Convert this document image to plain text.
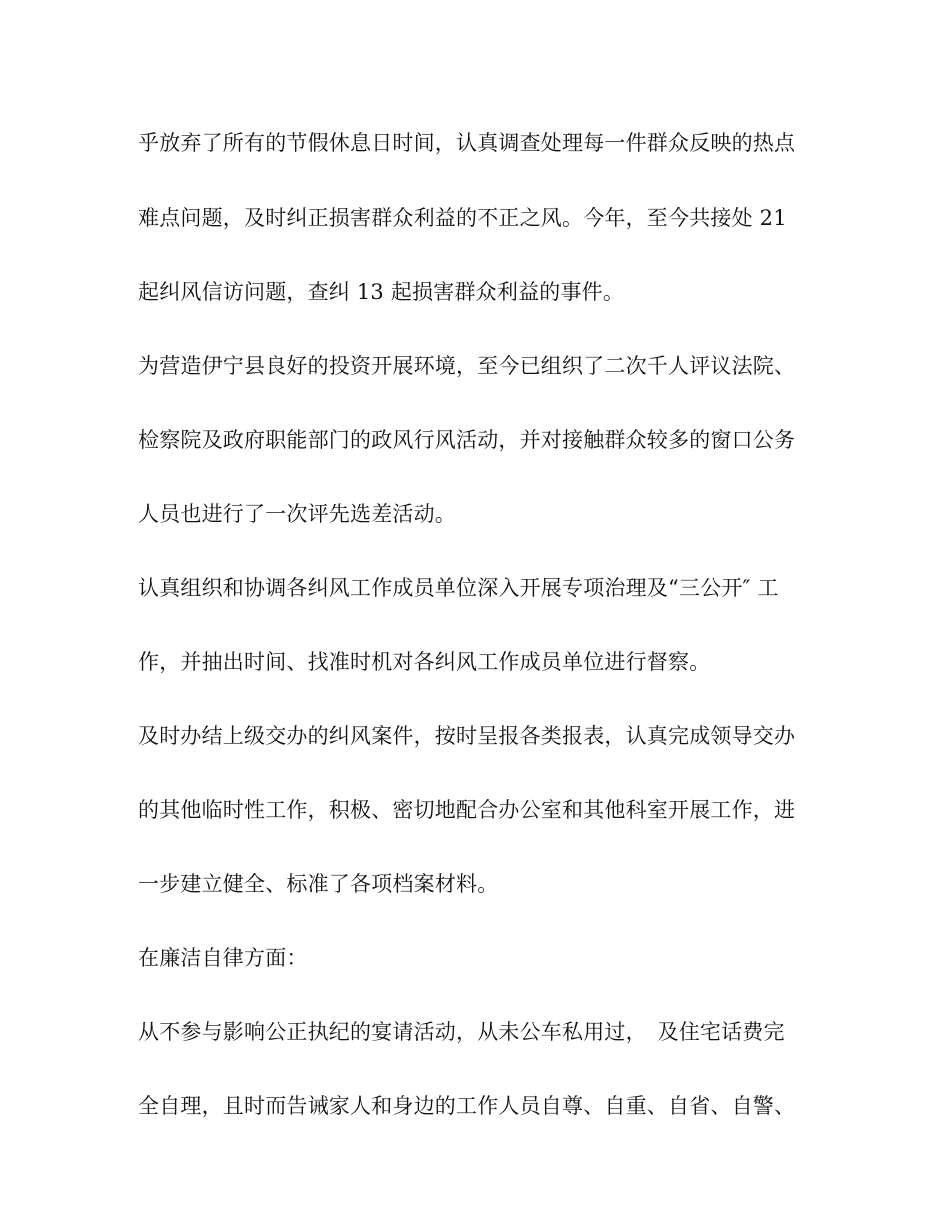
乎放弃了所有的节假休息日时间，认真调查处理每一件群众反映的热点
难点问题，及时纠正损害群众利益的不正之风。今年，至今共接处 21
起纠风信访问题，查纠 13 起损害群众利益的事件。
为营造伊宁县良好的投资开展环境，至今已组织了二次千人评议法院、
检察院及政府职能部门的政风行风活动，并对接触群众较多的窗口公务
人员也进行了一次评先选差活动。
认真组织和协调各纠风工作成员单位深入开展专项治理及“三公开″ 工
作，并抽出时间、找准时机对各纠风工作成员单位进行督察。
及时办结上级交办的纠风案件，按时呈报各类报表，认真完成领导交办
的其他临时性工作，积极、密切地配合办公室和其他科室开展工作，进
一步建立健全、标准了各项档案材料。
在廉洁自律方面：
从不参与影响公正执纪的宴请活动，从未公车私用过，　及住宅话费完
全自理，且时而告诫家人和身边的工作人员自尊、自重、自省、自警、
